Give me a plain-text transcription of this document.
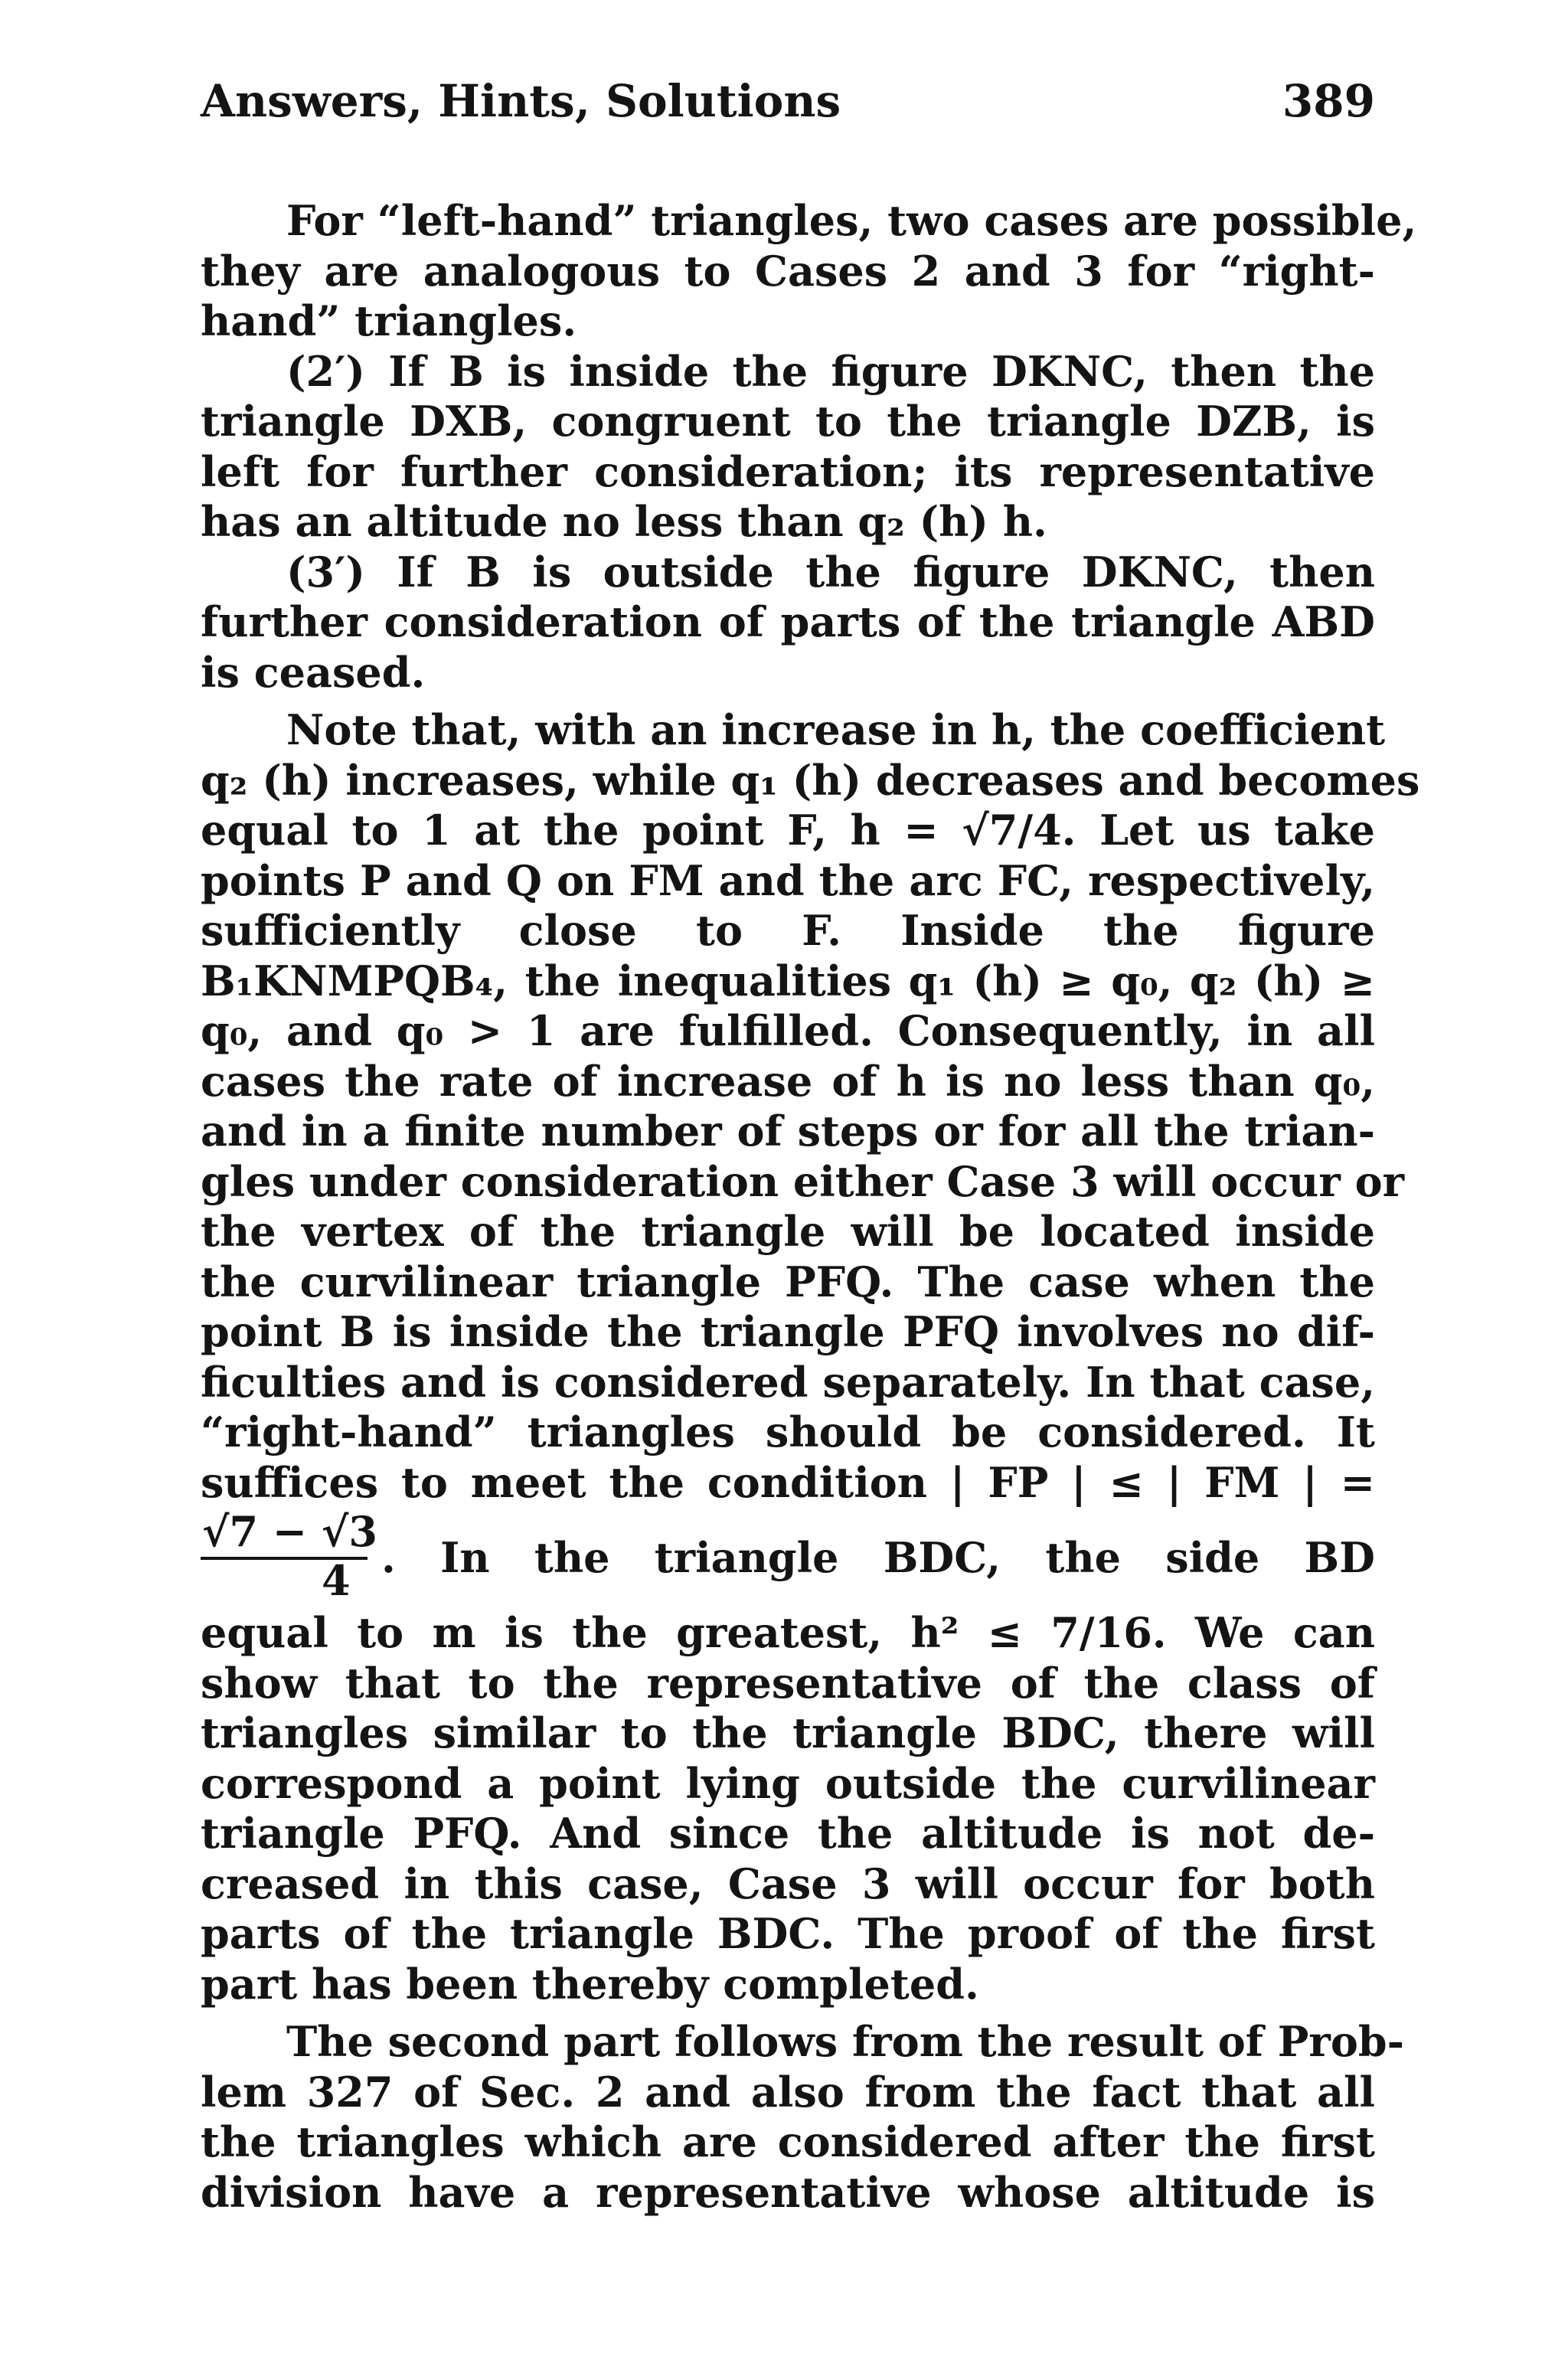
Answers, Hints, Solutions	389
For “left-hand” triangles, two cases are possible,
they are analogous to Cases 2 and 3 for “right-
hand” triangles.
(2′) If B is inside the figure DKNC, then the
triangle DXB, congruent to the triangle DZB, is
left for further consideration; its representative
has an altitude no less than q₂ (h) h.
(3′) If B is outside the figure DKNC, then
further consideration of parts of the triangle ABD
is ceased.
Note that, with an increase in h, the coefficient
q₂ (h) increases, while q₁ (h) decreases and becomes
equal to 1 at the point F, h = √7/4. Let us take
points P and Q on FM and the arc FC, respectively,
sufficiently close to F. Inside the figure
B₁KNMPQB₄, the inequalities q₁ (h) ≥ q₀, q₂ (h) ≥
q₀, and q₀ > 1 are fulfilled. Consequently, in all
cases the rate of increase of h is no less than q₀,
and in a finite number of steps or for all the trian-
gles under consideration either Case 3 will occur or
the vertex of the triangle will be located inside
the curvilinear triangle PFQ. The case when the
point B is inside the triangle PFQ involves no dif-
ficulties and is considered separately. In that case,
“right-hand” triangles should be considered. It
suffices to meet the condition | FP | ≤ | FM | =
√7 − √3
4 . In the triangle BDC, the side BD
equal to m is the greatest, h² ≤ 7/16. We can
show that to the representative of the class of
triangles similar to the triangle BDC, there will
correspond a point lying outside the curvilinear
triangle PFQ. And since the altitude is not de-
creased in this case, Case 3 will occur for both
parts of the triangle BDC. The proof of the first
part has been thereby completed.
The second part follows from the result of Prob-
lem 327 of Sec. 2 and also from the fact that all
the triangles which are considered after the first
division have a representative whose altitude is
